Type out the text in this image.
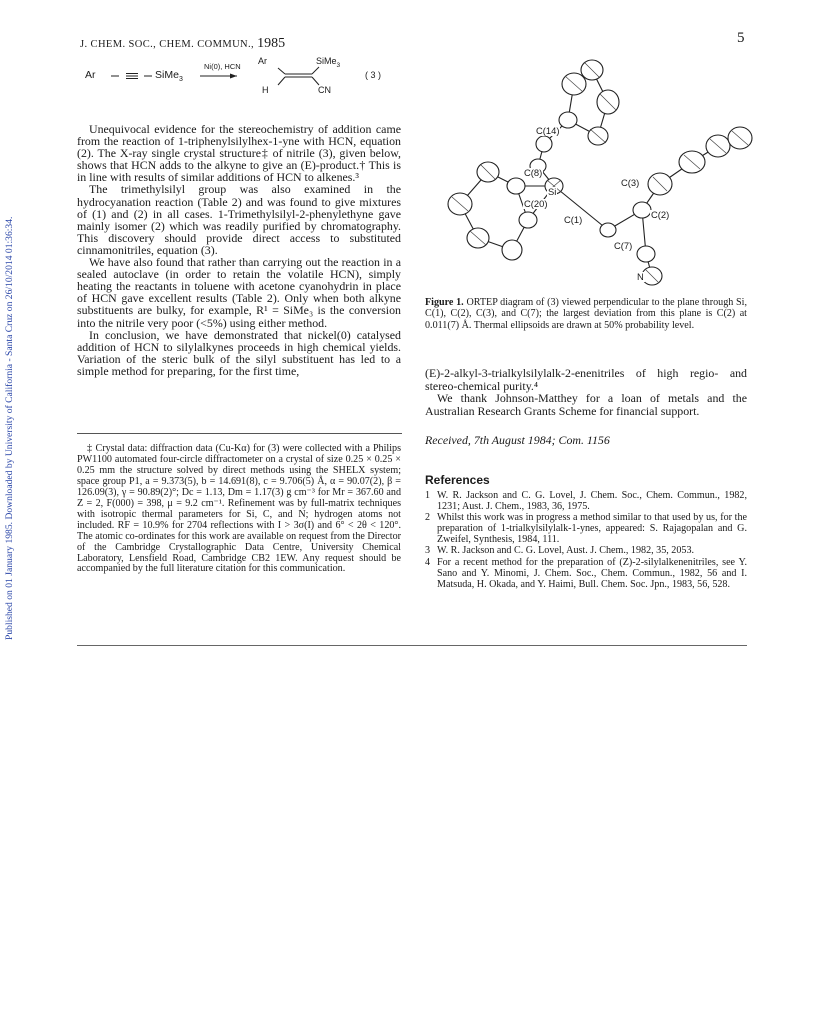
Published on 01 January 1985. Downloaded by University of California - Santa Cruz on 26/10/2014 01:36:34.
J. CHEM. SOC., CHEM. COMMUN., 1985	5
Ar	SiMe$_3$
Ni(0), HCN
Ar	SiMe$_3$
H	CN
( 3 )

Unequivocal evidence for the stereochemistry of addition came from the reaction of 1-triphenylsilylhex-1-yne with HCN, equation (2). The X-ray single crystal structure‡ of nitrile (3), given below, shows that HCN adds to the alkyne to give an (E)-product.† This is in line with results of similar additions of HCN to alkenes.³

The trimethylsilyl group was also examined in the hydrocyanation reaction (Table 2) and was found to give mixtures of (1) and (2) in all cases. 1-Trimethylsilyl-2-phenylethyne gave mainly isomer (2) which was readily purified by chromatography. This discovery should provide direct access to substituted cinnamonitriles, equation (3).

We have also found that rather than carrying out the reaction in a sealed autoclave (in order to retain the volatile HCN), simply heating the reactants in toluene with acetone cyanohydrin in place of HCN gave excellent results (Table 2). Only when both alkyne substituents are bulky, for example, R¹ = SiMe₃ is the conversion into the nitrile very poor (<5%) using either method.

In conclusion, we have demonstrated that nickel(0) catalysed addition of HCN to silylalkynes proceeds in high chemical yields. Variation of the steric bulk of the silyl substituent has led to a simple method for preparing, for the first time,

‡ Crystal data: diffraction data (Cu-Kα) for (3) were collected with a Philips PW1100 automated four-circle diffractometer on a crystal of size 0.25 × 0.25 × 0.25 mm the structure solved by direct methods using the SHELX system; space group P1, a = 9.373(5), b = 14.691(8), c = 9.706(5) Å, α = 90.07(2), β = 126.09(3), γ = 90.89(2)°; Dc = 1.13, Dm = 1.17(3) g cm⁻³ for Mr = 367.60 and Z = 2, F(000) = 398, μ = 9.2 cm⁻¹. Refinement was by full-matrix techniques with isotropic thermal parameters for Si, C, and N; hydrogen atoms not included. RF = 10.9% for 2704 reflections with I > 3σ(I) and 6° < 2θ < 120°. The atomic co-ordinates for this work are available on request from the Director of the Cambridge Crystallographic Data Centre, University Chemical Laboratory, Lensfield Road, Cambridge CB2 1EW. Any request should be accompanied by the full literature citation for this communication.

C(14)
C(8)
Si
C(20)
C(1)
C(3)
C(2)
C(7)
N
Figure 1. ORTEP diagram of (3) viewed perpendicular to the plane through Si, C(1), C(2), C(3), and C(7); the largest deviation from this plane is C(2) at 0.011(7) Å. Thermal ellipsoids are drawn at 50% probability level.

(E)-2-alkyl-3-trialkylsilylalk-2-enenitriles of high regio- and stereo-chemical purity.⁴

We thank Johnson-Matthey for a loan of metals and the Australian Research Grants Scheme for financial support.

Received, 7th August 1984; Com. 1156
References

1 W. R. Jackson and C. G. Lovel, J. Chem. Soc., Chem. Commun., 1982, 1231; Aust. J. Chem., 1983, 36, 1975.

2 Whilst this work was in progress a method similar to that used by us, for the preparation of 1-trialkylsilylalk-1-ynes, appeared: S. Rajagopalan and G. Zweifel, Synthesis, 1984, 111.

3 W. R. Jackson and C. G. Lovel, Aust. J. Chem., 1982, 35, 2053.

4 For a recent method for the preparation of (Z)-2-silylalkenenitriles, see Y. Sano and Y. Minomi, J. Chem. Soc., Chem. Commun., 1982, 56 and I. Matsuda, H. Okada, and Y. Haimi, Bull. Chem. Soc. Jpn., 1983, 56, 528.
